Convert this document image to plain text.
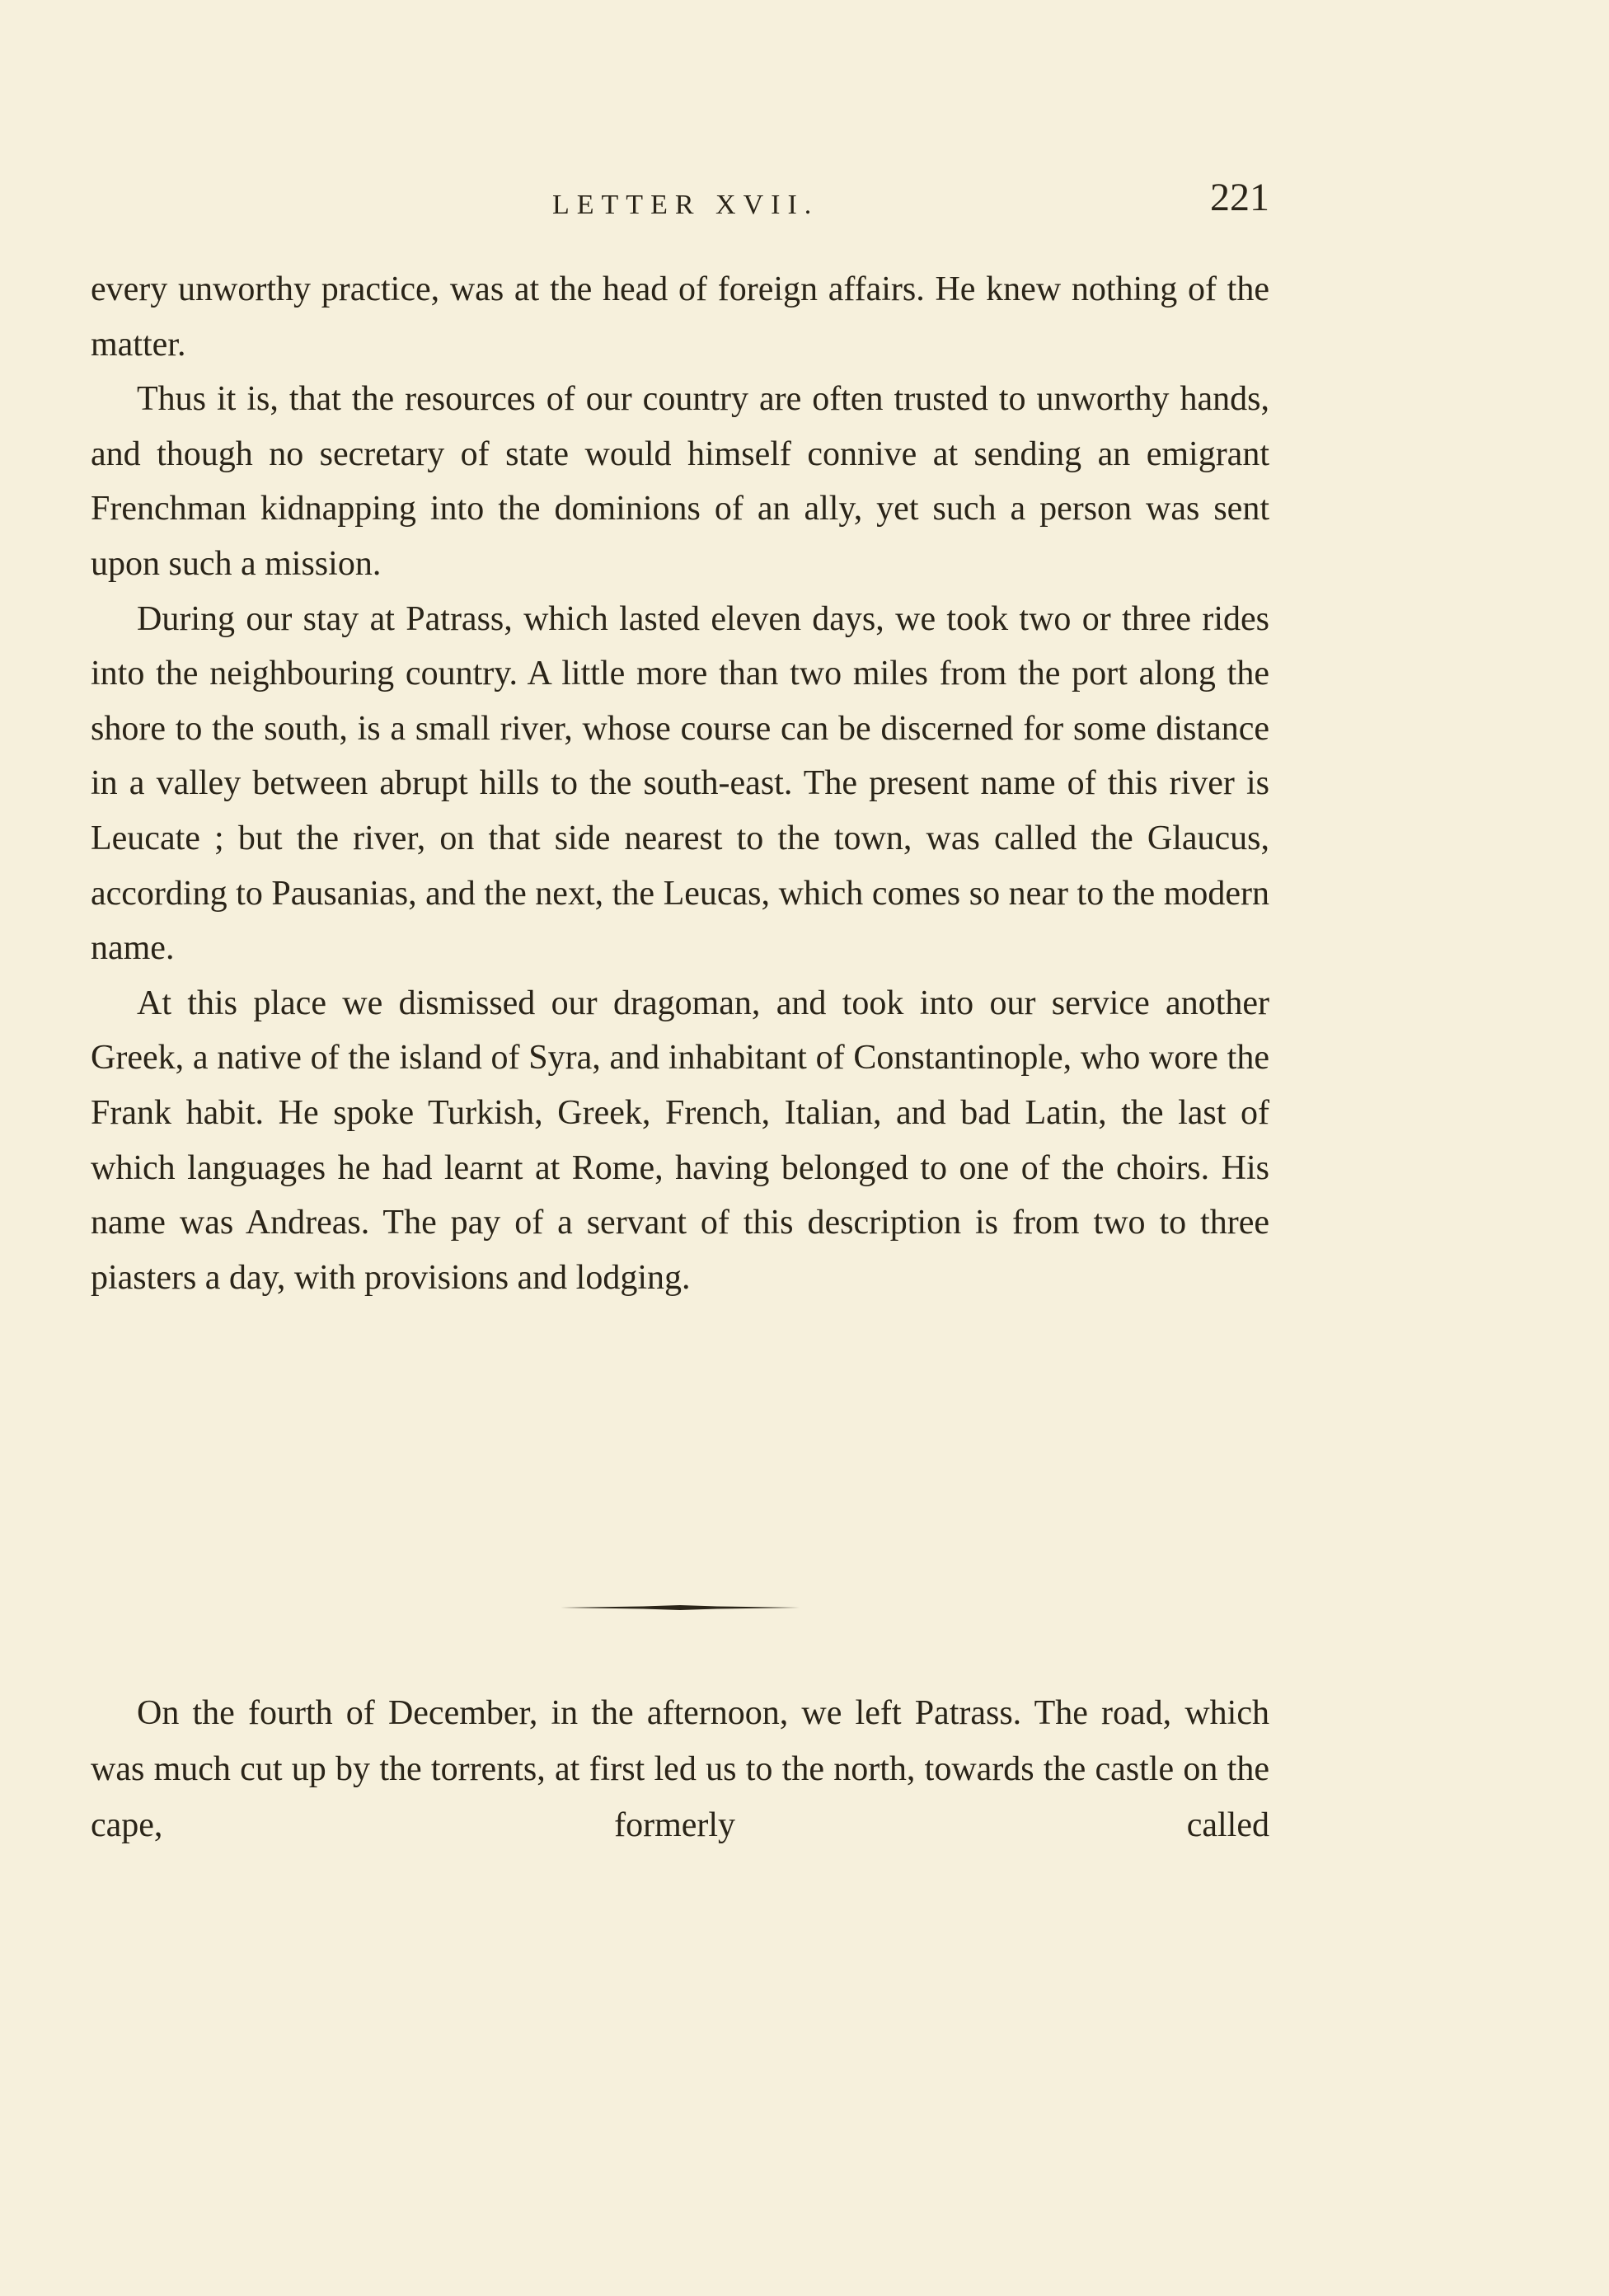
LETTER XVII.	221

every unworthy practice, was at the head of foreign affairs. He knew nothing of the matter.

Thus it is, that the resources of our country are often trusted to unworthy hands, and though no secretary of state would himself connive at sending an emigrant Frenchman kidnapping into the dominions of an ally, yet such a person was sent upon such a mission.

During our stay at Patrass, which lasted eleven days, we took two or three rides into the neighbouring country. A little more than two miles from the port along the shore to the south, is a small river, whose course can be discerned for some distance in a valley between abrupt hills to the south-east. The present name of this river is Leucate ; but the river, on that side nearest to the town, was called the Glaucus, according to Pausanias, and the next, the Leucas, which comes so near to the modern name.

At this place we dismissed our dragoman, and took into our service another Greek, a native of the island of Syra, and inhabitant of Constantinople, who wore the Frank habit. He spoke Turkish, Greek, French, Italian, and bad Latin, the last of which languages he had learnt at Rome, having belonged to one of the choirs. His name was Andreas. The pay of a servant of this description is from two to three piasters a day, with provisions and lodging.

On the fourth of December, in the afternoon, we left Patrass. The road, which was much cut up by the torrents, at first led us to the north, towards the castle on the cape, formerly called
